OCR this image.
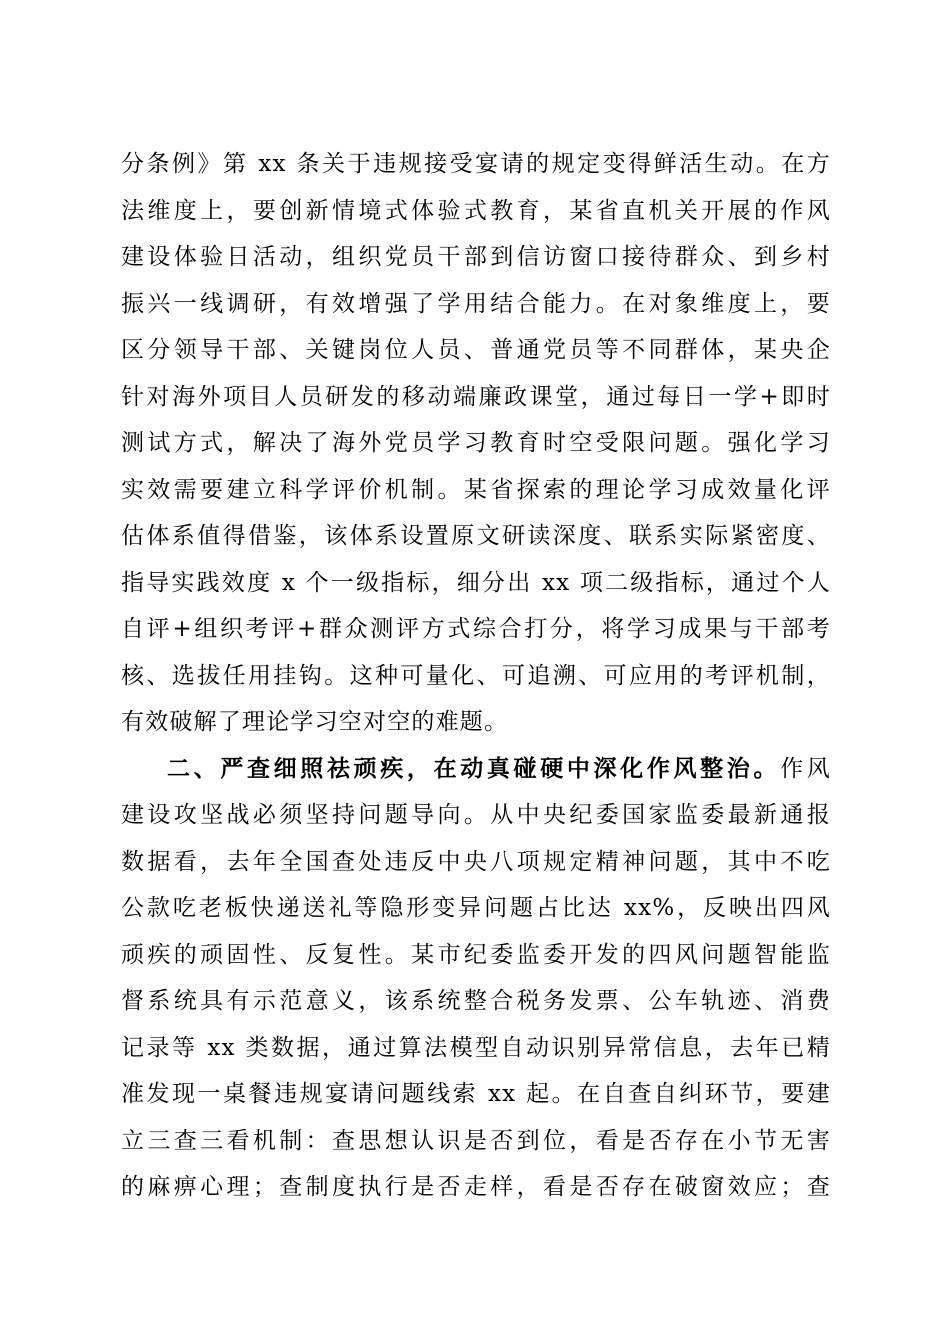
分条例》第 xx 条关于违规接受宴请的规定变得鲜活生动。在方
法维度上，要创新情境式体验式教育，某省直机关开展的作风
建设体验日活动，组织党员干部到信访窗口接待群众、到乡村
振兴一线调研，有效增强了学用结合能力。在对象维度上，要
区分领导干部、关键岗位人员、普通党员等不同群体，某央企
针对海外项目人员研发的移动端廉政课堂，通过每日一学+即时
测试方式，解决了海外党员学习教育时空受限问题。强化学习
实效需要建立科学评价机制。某省探索的理论学习成效量化评
估体系值得借鉴，该体系设置原文研读深度、联系实际紧密度、
指导实践效度 x 个一级指标，细分出 xx 项二级指标，通过个人
自评+组织考评+群众测评方式综合打分，将学习成果与干部考
核、选拔任用挂钩。这种可量化、可追溯、可应用的考评机制，
有效破解了理论学习空对空的难题。
二、严查细照祛顽疾，在动真碰硬中深化作风整治。作风
建设攻坚战必须坚持问题导向。从中央纪委国家监委最新通报
数据看，去年全国查处违反中央八项规定精神问题，其中不吃
公款吃老板快递送礼等隐形变异问题占比达 xx%，反映出四风
顽疾的顽固性、反复性。某市纪委监委开发的四风问题智能监
督系统具有示范意义，该系统整合税务发票、公车轨迹、消费
记录等 xx 类数据，通过算法模型自动识别异常信息，去年已精
准发现一桌餐违规宴请问题线索 xx 起。在自查自纠环节，要建
立三查三看机制：查思想认识是否到位，看是否存在小节无害
的麻痹心理；查制度执行是否走样，看是否存在破窗效应；查
